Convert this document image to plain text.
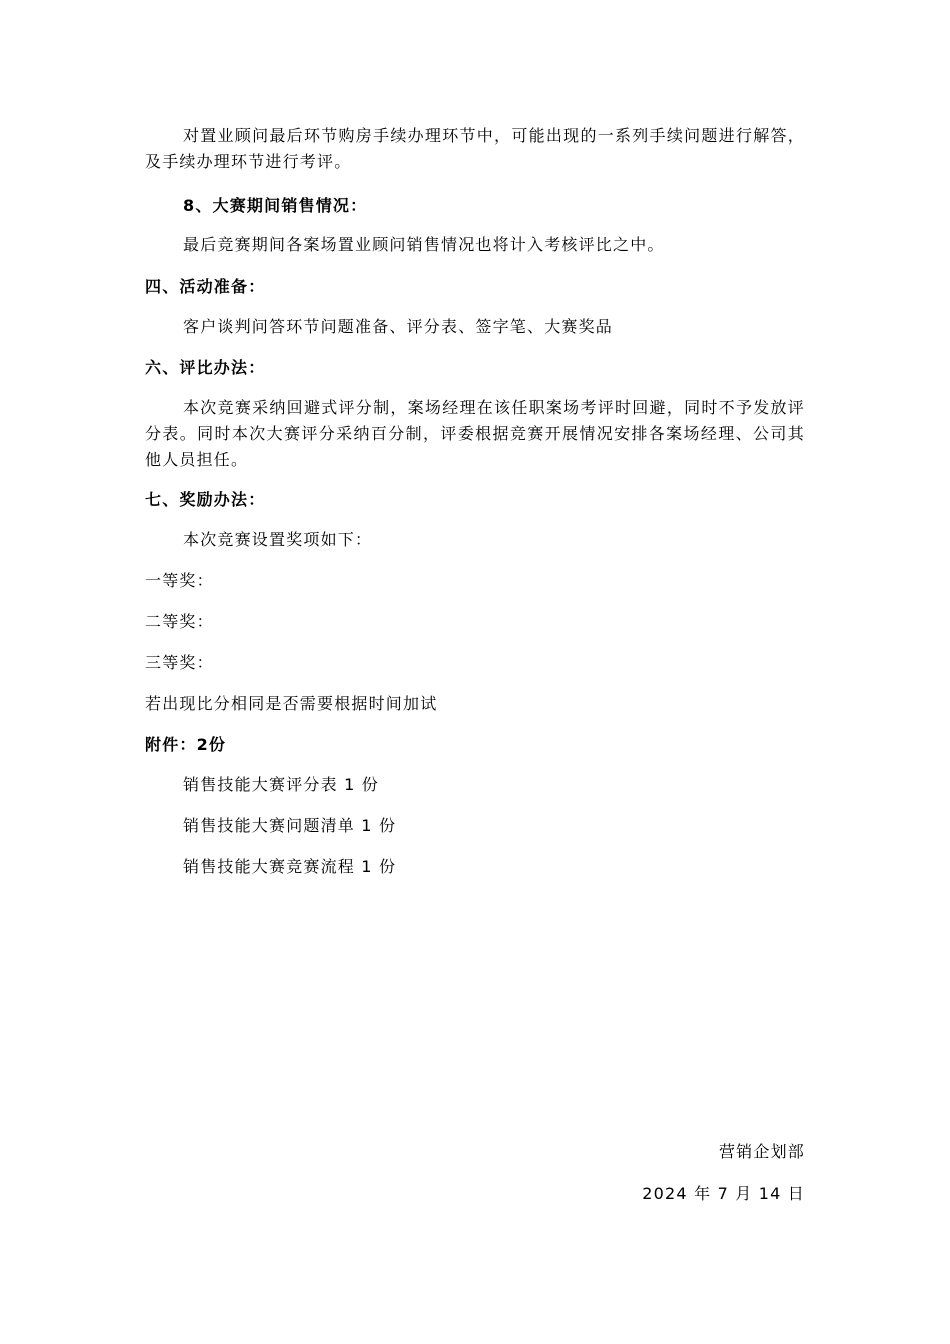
对置业顾问最后环节购房手续办理环节中，可能出现的一系列手续问题进行解答，及手续办理环节进行考评。

8、大赛期间销售情况：
最后竞赛期间各案场置业顾问销售情况也将计入考核评比之中。
四、活动准备：
客户谈判问答环节问题准备、评分表、签字笔、大赛奖品
六、评比办法：

本次竞赛采纳回避式评分制，案场经理在该任职案场考评时回避，同时不予发放评分表。同时本次大赛评分采纳百分制，评委根据竞赛开展情况安排各案场经理、公司其他人员担任。

七、奖励办法：
本次竞赛设置奖项如下：
一等奖：
二等奖：
三等奖：
若出现比分相同是否需要根据时间加试
附件：2份
销售技能大赛评分表 1 份
销售技能大赛问题清单 1 份
销售技能大赛竞赛流程 1 份
营销企划部
2024 年 7 月 14 日
